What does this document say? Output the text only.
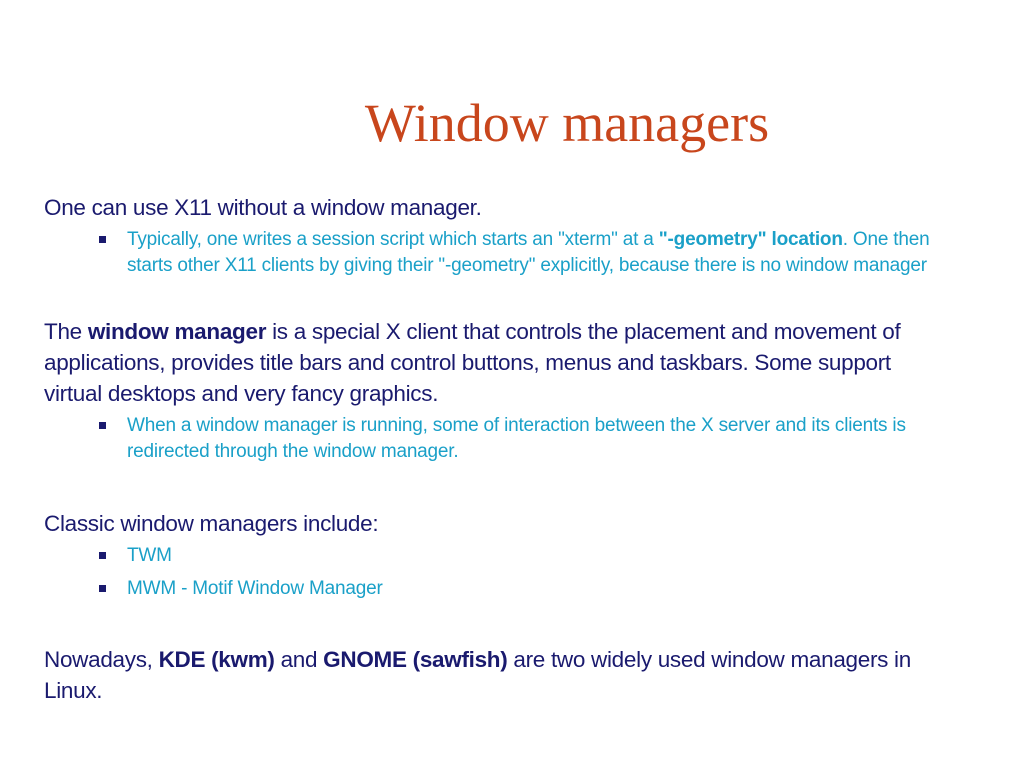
Window managers

One can use X11 without a window manager.

Typically, one writes a session script which starts an "xterm" at a "-geometry" location. One then starts other X11 clients by giving their "-geometry" explicitly, because there is no window manager

The window manager is a special X client that controls the placement and movement of applications, provides title bars and control buttons, menus and taskbars. Some support virtual desktops and very fancy graphics.

When a window manager is running, some of interaction between the X server and its clients is redirected through the window manager.

Classic window managers include:

TWM
MWM - Motif Window Manager

Nowadays, KDE (kwm) and GNOME (sawfish) are two widely used window managers in Linux.
